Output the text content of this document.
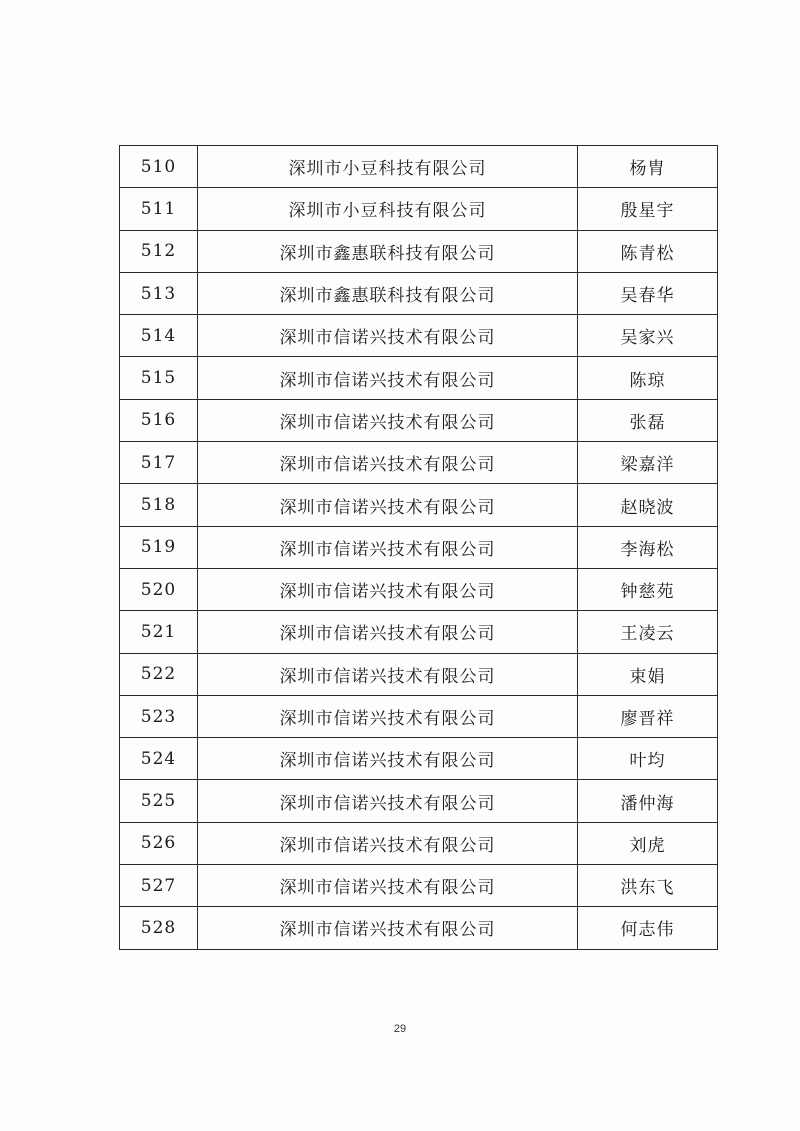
510	深圳市小豆科技有限公司	杨胄
511	深圳市小豆科技有限公司	殷星宇
512	深圳市鑫惠联科技有限公司	陈青松
513	深圳市鑫惠联科技有限公司	吴春华
514	深圳市信诺兴技术有限公司	吴家兴
515	深圳市信诺兴技术有限公司	陈琼
516	深圳市信诺兴技术有限公司	张磊
517	深圳市信诺兴技术有限公司	梁嘉洋
518	深圳市信诺兴技术有限公司	赵晓波
519	深圳市信诺兴技术有限公司	李海松
520	深圳市信诺兴技术有限公司	钟慈苑
521	深圳市信诺兴技术有限公司	王凌云
522	深圳市信诺兴技术有限公司	束娟
523	深圳市信诺兴技术有限公司	廖晋祥
524	深圳市信诺兴技术有限公司	叶均
525	深圳市信诺兴技术有限公司	潘仲海
526	深圳市信诺兴技术有限公司	刘虎
527	深圳市信诺兴技术有限公司	洪东飞
528	深圳市信诺兴技术有限公司	何志伟
29
